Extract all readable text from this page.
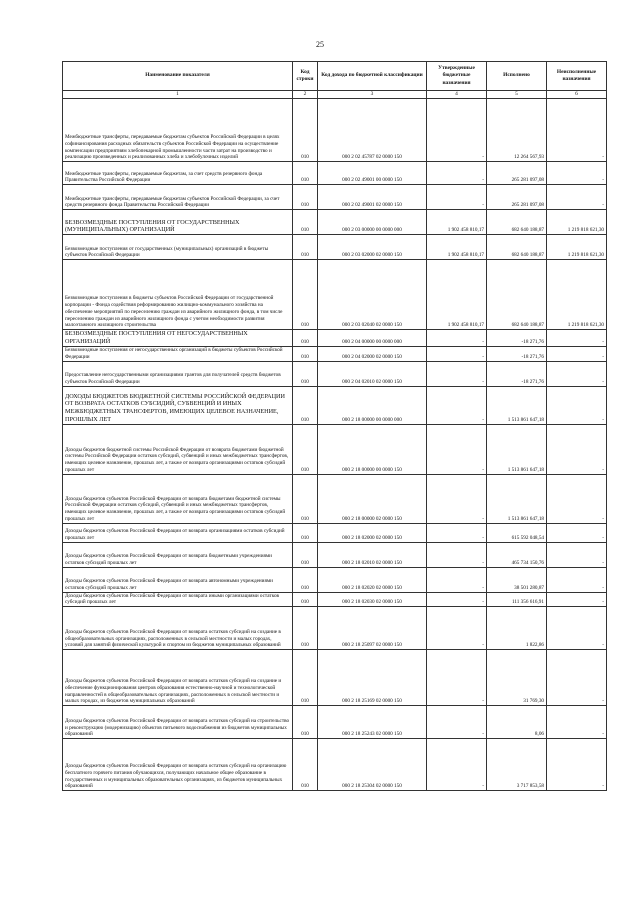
25
Наименование показателя	Код строки	Код дохода по бюджетной классификации	Утвержденные бюджетные назначения	Исполнено	Неисполненные назначения
1	2	3	4	5	6

Межбюджетные трансферты, передаваемые бюджетам субъектов Российской Федерации в целях софинансирования расходных обязательств субъектов Российской Федерации на осуществление компенсации предприятиям хлебопекарной промышленности части затрат на производство и реализацию произведенных и реализованных хлеба и хлебобулочных изделий	010	000 2 02 45787 02 0000 150	-	12 264 567,93	-

Межбюджетные трансферты, передаваемые бюджетам, за счет средств резервного фонда Правительства Российской Федерации	010	000 2 02 49001 00 0000 150	-	265 281 097,08	-

Межбюджетные трансферты, передаваемые бюджетам субъектов Российской Федерации, за счет средств резервного фонда Правительства Российской Федерации	010	000 2 02 49001 02 0000 150	-	265 281 097,08	-

БЕЗВОЗМЕЗДНЫЕ ПОСТУПЛЕНИЯ ОТ ГОСУДАРСТВЕННЫХ (МУНИЦИПАЛЬНЫХ) ОРГАНИЗАЦИЙ	010	000 2 03 00000 00 0000 000	1 902 458 810,17	682 640 188,87	1 219 818 621,30

Безвозмездные поступления от государственных (муниципальных) организаций в бюджеты субъектов Российской Федерации	010	000 2 03 02000 02 0000 150	1 902 458 810,17	682 640 188,87	1 219 818 621,30

Безвозмездные поступления в бюджеты субъектов Российской Федерации от государственной корпорации - Фонда содействия реформированию жилищно-коммунального хозяйства на обеспечение мероприятий по переселению граждан из аварийного жилищного фонда, в том числе переселению граждан из аварийного жилищного фонда с учетом необходимости развития малоэтажного жилищного строительства	010	000 2 03 02040 02 0000 150	1 902 458 810,17	682 640 188,87	1 219 818 621,30

БЕЗВОЗМЕЗДНЫЕ ПОСТУПЛЕНИЯ ОТ НЕГОСУДАРСТВЕННЫХ ОРГАНИЗАЦИЙ	010	000 2 04 00000 00 0000 000	-	-18 271,76	-

Безвозмездные поступления от негосударственных организаций в бюджеты субъектов Российской Федерации	010	000 2 04 02000 02 0000 150	-	-18 271,76	-

Предоставление негосударственными организациями грантов для получателей средств бюджетов субъектов Российской Федерации	010	000 2 04 02010 02 0000 150	-	-18 271,76	-

ДОХОДЫ БЮДЖЕТОВ БЮДЖЕТНОЙ СИСТЕМЫ РОССИЙСКОЙ ФЕДЕРАЦИИ ОТ ВОЗВРАТА ОСТАТКОВ СУБСИДИЙ, СУБВЕНЦИЙ И ИНЫХ МЕЖБЮДЖЕТНЫХ ТРАНСФЕРТОВ, ИМЕЮЩИХ ЦЕЛЕВОЕ НАЗНАЧЕНИЕ, ПРОШЛЫХ ЛЕТ	010	000 2 18 00000 00 0000 000	-	1 513 861 647,18	-

Доходы бюджетов бюджетной системы Российской Федерации от возврата бюджетами бюджетной системы Российской Федерации остатков субсидий, субвенций и иных межбюджетных трансфертов, имеющих целевое назначение, прошлых лет, а также от возврата организациями остатков субсидий прошлых лет	010	000 2 18 00000 00 0000 150	-	1 513 861 647,18	-

Доходы бюджетов субъектов Российской Федерации от возврата бюджетами бюджетной системы Российской Федерации остатков субсидий, субвенций и иных межбюджетных трансфертов, имеющих целевое назначение, прошлых лет, а также от возврата организациями остатков субсидий прошлых лет	010	000 2 18 00000 02 0000 150	-	1 513 861 647,18	-

Доходы бюджетов субъектов Российской Федерации от возврата организациями остатков субсидий прошлых лет	010	000 2 18 02000 02 0000 150	-	615 592 048,54	-

Доходы бюджетов субъектов Российской Федерации от возврата бюджетными учреждениями остатков субсидий прошлых лет	010	000 2 18 02010 02 0000 150	-	465 734 150,76	-

Доходы бюджетов субъектов Российской Федерации от возврата автономными учреждениями остатков субсидий прошлых лет	010	000 2 18 02020 02 0000 150	-	38 501 280,87	-

Доходы бюджетов субъектов Российской Федерации от возврата иными организациями остатков субсидий прошлых лет	010	000 2 18 02030 02 0000 150	-	111 356 616,91	-

Доходы бюджетов субъектов Российской Федерации от возврата остатков субсидий на создание в общеобразовательных организациях, расположенных в сельской местности и малых городах, условий для занятий физической культурой и спортом из бюджетов муниципальных образований	010	000 2 18 25097 02 0000 150	-	1 822,86	-

Доходы бюджетов субъектов Российской Федерации от возврата остатков субсидий на создание и обеспечение функционирования центров образования естественно-научной и технологической направленностей в общеобразовательных организациях, расположенных в сельской местности и малых городах, из бюджетов муниципальных образований	010	000 2 18 25169 02 0000 150	-	31 769,30	-

Доходы бюджетов субъектов Российской Федерации от возврата остатков субсидий на строительство и реконструкцию (модернизацию) объектов питьевого водоснабжения из бюджетов муниципальных образований	010	000 2 18 25243 02 0000 150	-	8,06	-

Доходы бюджетов субъектов Российской Федерации от возврата остатков субсидий на организацию бесплатного горячего питания обучающихся, получающих начальное общее образование в государственных и муниципальных образовательных организациях, из бюджетов муниципальных образований	010	000 2 18 25304 02 0000 150	-	3 717 853,58	-
